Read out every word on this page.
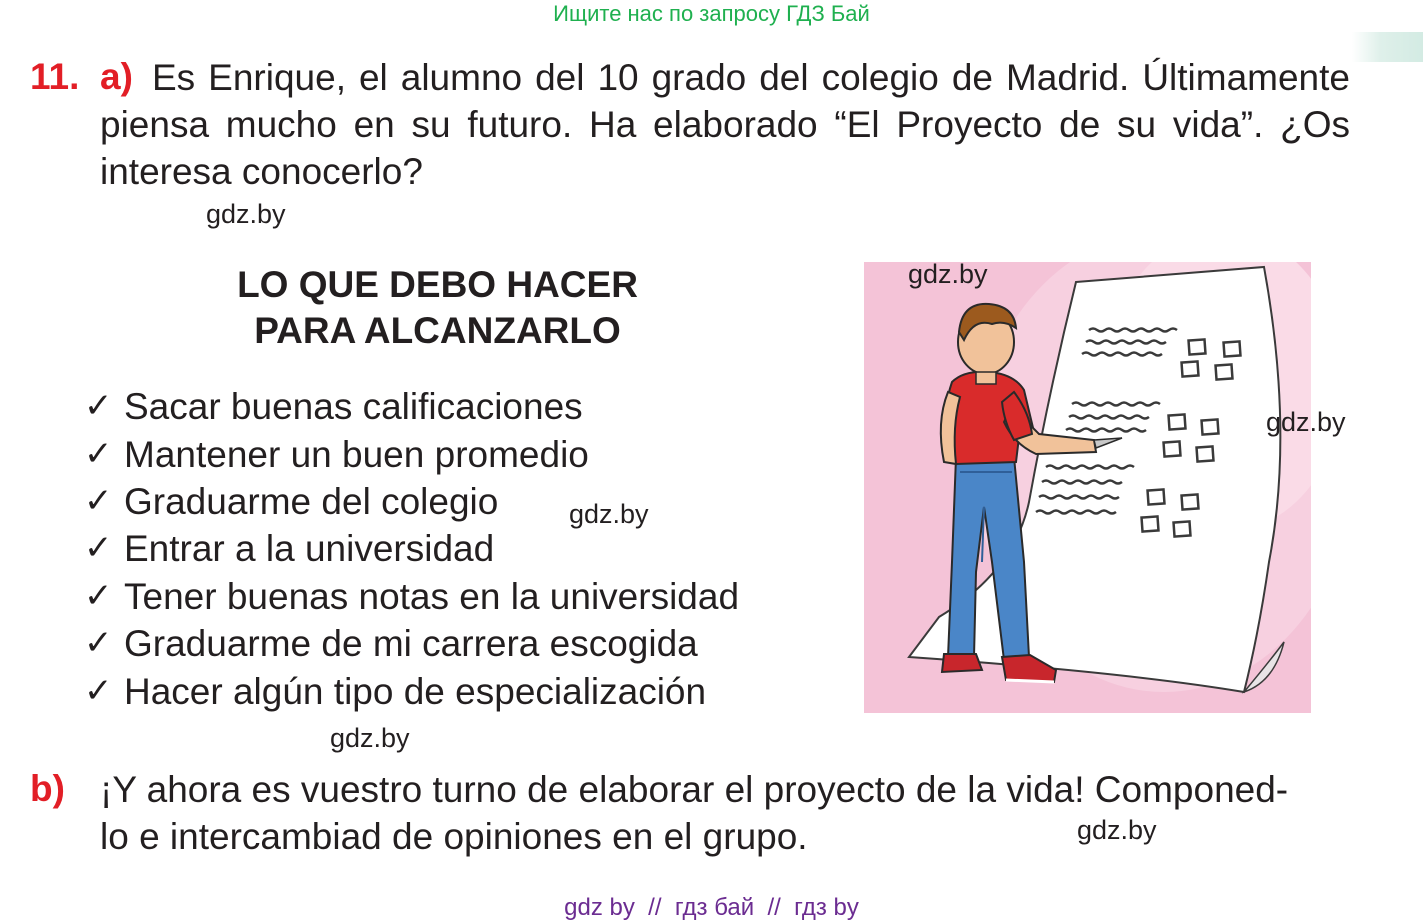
Ищите нас по запросу ГДЗ Бай
11. a) Es Enrique, el alumno del 10 grado del colegio de Madrid. Últimamente
piensa mucho en su futuro. Ha elaborado “El Proyecto de su vida”. ¿Os
interesa conocerlo?
gdz.by
LO QUE DEBO HACER
PARA ALCANZARLO
✓ Sacar buenas calificaciones
✓ Mantener un buen promedio
✓ Graduarme del colegio
✓ Entrar a la universidad
✓ Tener buenas notas en la universidad
✓ Graduarme de mi carrera escogida
✓ Hacer algún tipo de especialización
gdz.by
gdz.by
gdz.by
gdz.by
b) ¡Y ahora es vuestro turno de elaborar el proyecto de la vida! Componed-
lo e intercambiad de opiniones en el grupo.	gdz.by
gdz by  //  гдз бай  //  гдз by
